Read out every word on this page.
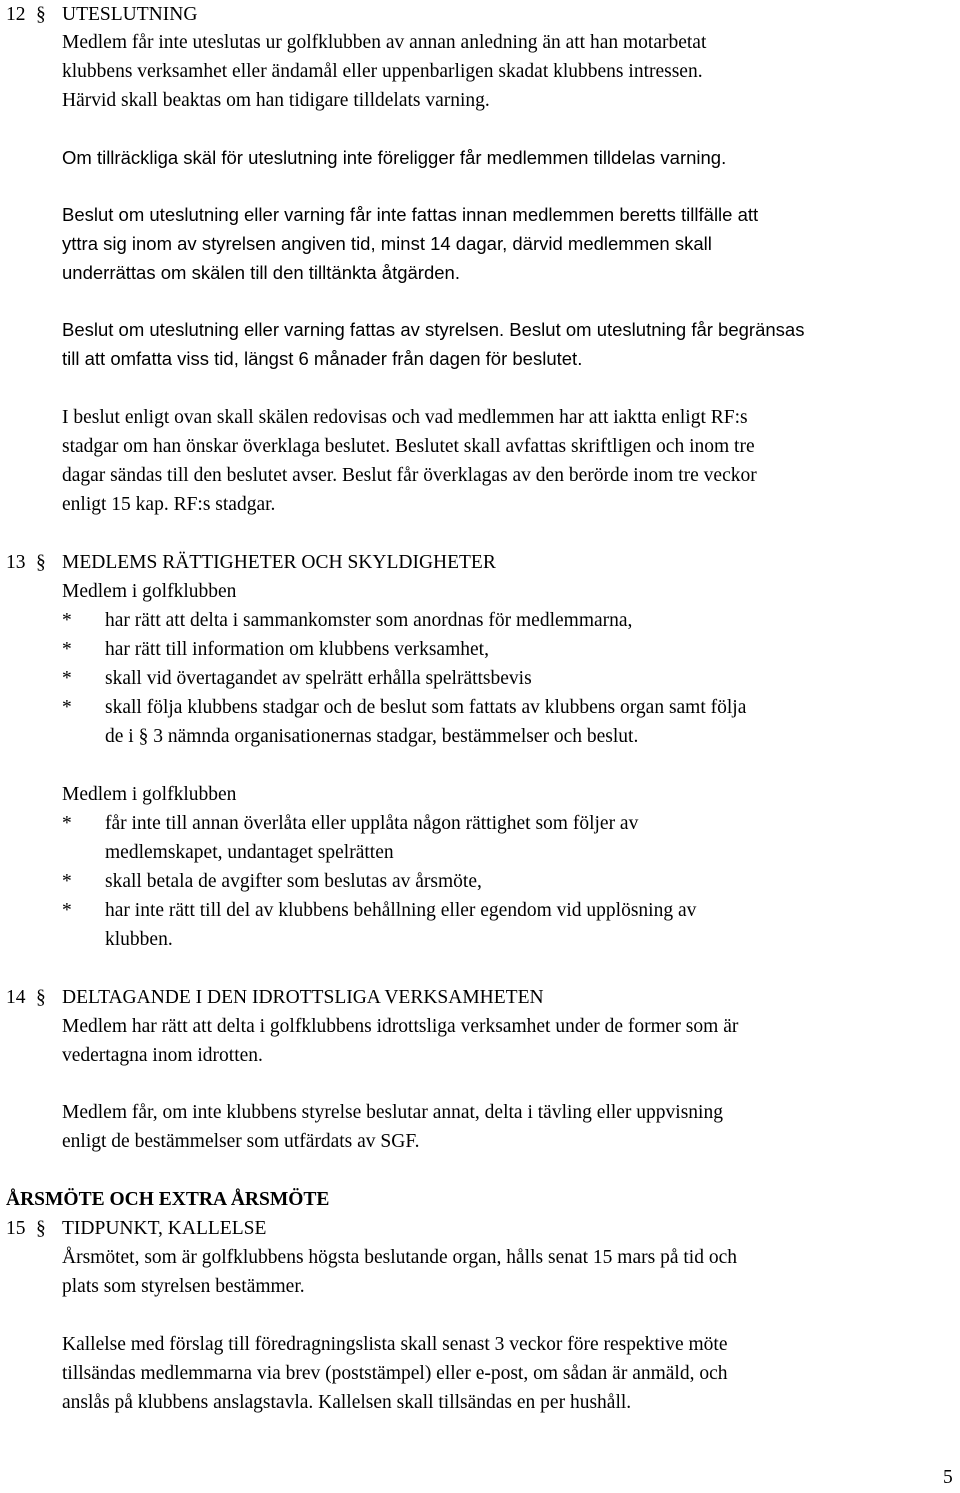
12 § UTESLUTNING
Medlem får inte uteslutas ur golfklubben av annan anledning än att han motarbetat
klubbens verksamhet eller ändamål eller uppenbarligen skadat klubbens intressen.
Härvid skall beaktas om han tidigare tilldelats varning.
Om tillräckliga skäl för uteslutning inte föreligger får medlemmen tilldelas varning.
Beslut om uteslutning eller varning får inte fattas innan medlemmen beretts tillfälle att
yttra sig inom av styrelsen angiven tid, minst 14 dagar, därvid medlemmen skall
underrättas om skälen till den tilltänkta åtgärden.
Beslut om uteslutning eller varning fattas av styrelsen. Beslut om uteslutning får begränsas
till att omfatta viss tid, längst 6 månader från dagen för beslutet.
I beslut enligt ovan skall skälen redovisas och vad medlemmen har att iaktta enligt RF:s
stadgar om han önskar överklaga beslutet. Beslutet skall avfattas skriftligen och inom tre
dagar sändas till den beslutet avser. Beslut får överklagas av den berörde inom tre veckor
enligt 15 kap. RF:s stadgar.
13 § MEDLEMS RÄTTIGHETER OCH SKYLDIGHETER
Medlem i golfklubben
* har rätt att delta i sammankomster som anordnas för medlemmarna,
* har rätt till information om klubbens verksamhet,
* skall vid övertagandet av spelrätt erhålla spelrättsbevis
* skall följa klubbens stadgar och de beslut som fattats av klubbens organ samt följa
de i § 3 nämnda organisationernas stadgar, bestämmelser och beslut.
Medlem i golfklubben
* får inte till annan överlåta eller upplåta någon rättighet som följer av
medlemskapet, undantaget spelrätten
* skall betala de avgifter som beslutas av årsmöte,
* har inte rätt till del av klubbens behållning eller egendom vid upplösning av
klubben.
14 § DELTAGANDE I DEN IDROTTSLIGA VERKSAMHETEN
Medlem har rätt att delta i golfklubbens idrottsliga verksamhet under de former som är
vedertagna inom idrotten.
Medlem får, om inte klubbens styrelse beslutar annat, delta i tävling eller uppvisning
enligt de bestämmelser som utfärdats av SGF.
ÅRSMÖTE OCH EXTRA ÅRSMÖTE
15 § TIDPUNKT, KALLELSE
Årsmötet, som är golfklubbens högsta beslutande organ, hålls senat 15 mars på tid och
plats som styrelsen bestämmer.
Kallelse med förslag till föredragningslista skall senast 3 veckor före respektive möte
tillsändas medlemmarna via brev (poststämpel) eller e-post, om sådan är anmäld, och
anslås på klubbens anslagstavla. Kallelsen skall tillsändas en per hushåll.
5
